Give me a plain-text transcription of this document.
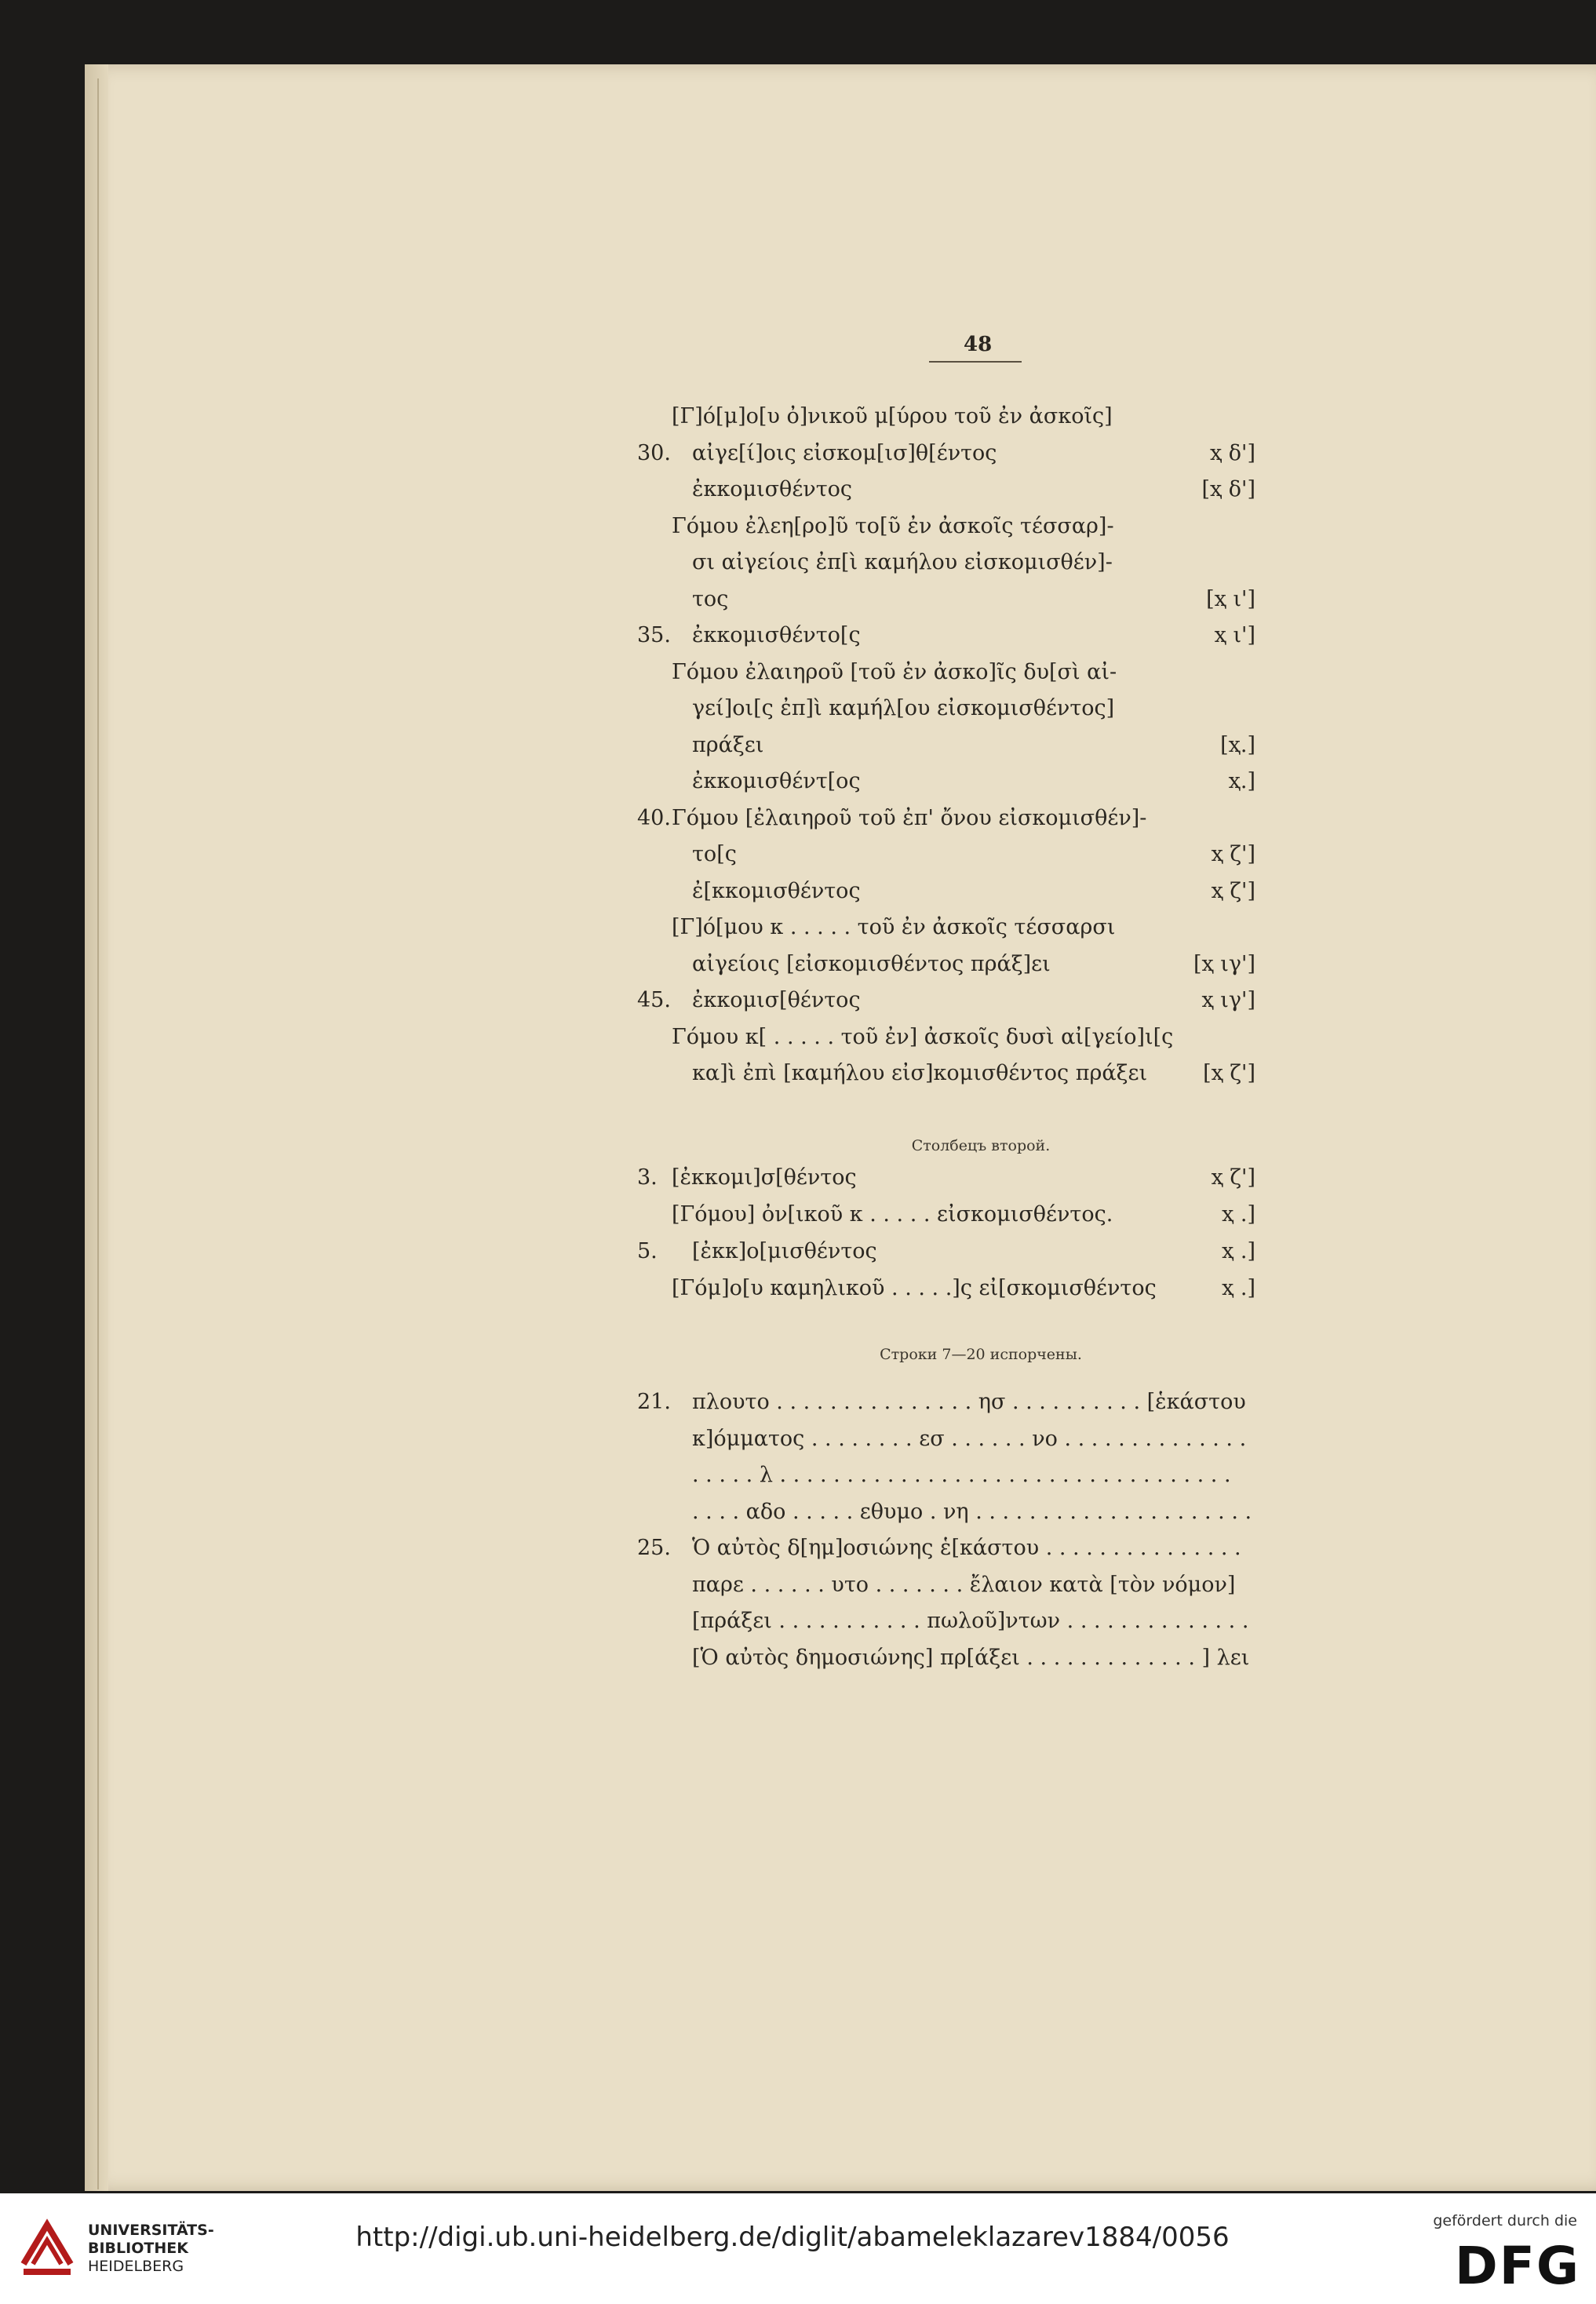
48
[Γ]ό[μ]ο[υ ὀ]νικοῦ μ[ύρου τοῦ ἐν ἀσκοῖς]
30. αἰγε[ί]οις εἰσκομ[ισ]θ[έντος	ҳ δ']
ἐκκομισθέντος	[ҳ δ']
Γόμου ἐλεη[ρο]ῦ το[ῦ ἐν ἀσκοῖς τέσσαρ]-
σι αἰγείοις ἐπ[ὶ καμήλου εἰσκομισθέν]-
τος	[ҳ ι']
35. ἐκκομισθέντο[ς	ҳ ι']
Γόμου ἐλαιηροῦ [τοῦ ἐν ἀσκο]ῖς δυ[σὶ αἰ-
γεί]οι[ς ἐπ]ὶ καμήλ[ου εἰσκομισθέντος]
πράξει	[ҳ.]
ἐκκομισθέντ[ος	ҳ.]
40. Γόμου [ἐλαιηροῦ τοῦ ἐπ' ὄνου εἰσκομισθέν]-
το[ς	ҳ ζ']
ἐ[κκομισθέντος	ҳ ζ']
[Γ]ό[μου κ . . . . . τοῦ ἐν ἀσκοῖς τέσσαρσι
αἰγείοις [εἰσκομισθέντος πράξ]ει	[ҳ ιγ']
45. ἐκκομισ[θέντος	ҳ ιγ']
Γόμου κ[ . . . . . τοῦ ἐν] ἀσκοῖς δυσὶ αἰ[γείο]ι[ς
κα]ὶ ἐπὶ [καμήλου εἰσ]κομισθέντος πράξει	[ҳ ζ']
Столбецъ второй.
3. [ἐκκομι]σ[θέντος	ҳ ζ']
[Γόμου] ὀν[ικοῦ κ . . . . . εἰσκομισθέντος.	ҳ .]
5.	[ἐκκ]ο[μισθέντος	ҳ .]
[Γόμ]ο[υ καμηλικοῦ . . . . .]ς εἰ[σκομισθέντος	ҳ .]
Строки 7—20 испорчены.
21. πλουτο . . . . . . . . . . . . . . . ησ . . . . . . . . . . [ἑκάστου
κ]όμματος . . . . . . . . εσ . . . . . . νο . . . . . . . . . . . . . .
. . . . . λ . . . . . . . . . . . . . . . . . . . . . . . . . . . . . . . . . .
. . . . αδο . . . . . εθυμο . νη . . . . . . . . . . . . . . . . . . . . .
25. Ὁ αὐτὸς δ[ημ]οσιώνης ἑ[κάστου . . . . . . . . . . . . . . .
παρε . . . . . . υτο . . . . . . . ἔλαιον κατὰ [τὸν νόμον]
[πράξει . . . . . . . . . . . πωλοῦ]ντων . . . . . . . . . . . . . .
[Ὁ αὐτὸς δημοσιώνης] πρ[άξει . . . . . . . . . . . . . ] λει
UNIVERSITÄTS-
BIBLIOTHEK
HEIDELBERG
http://digi.ub.uni-heidelberg.de/diglit/abameleklazarev1884/0056
gefördert durch die
DFG
